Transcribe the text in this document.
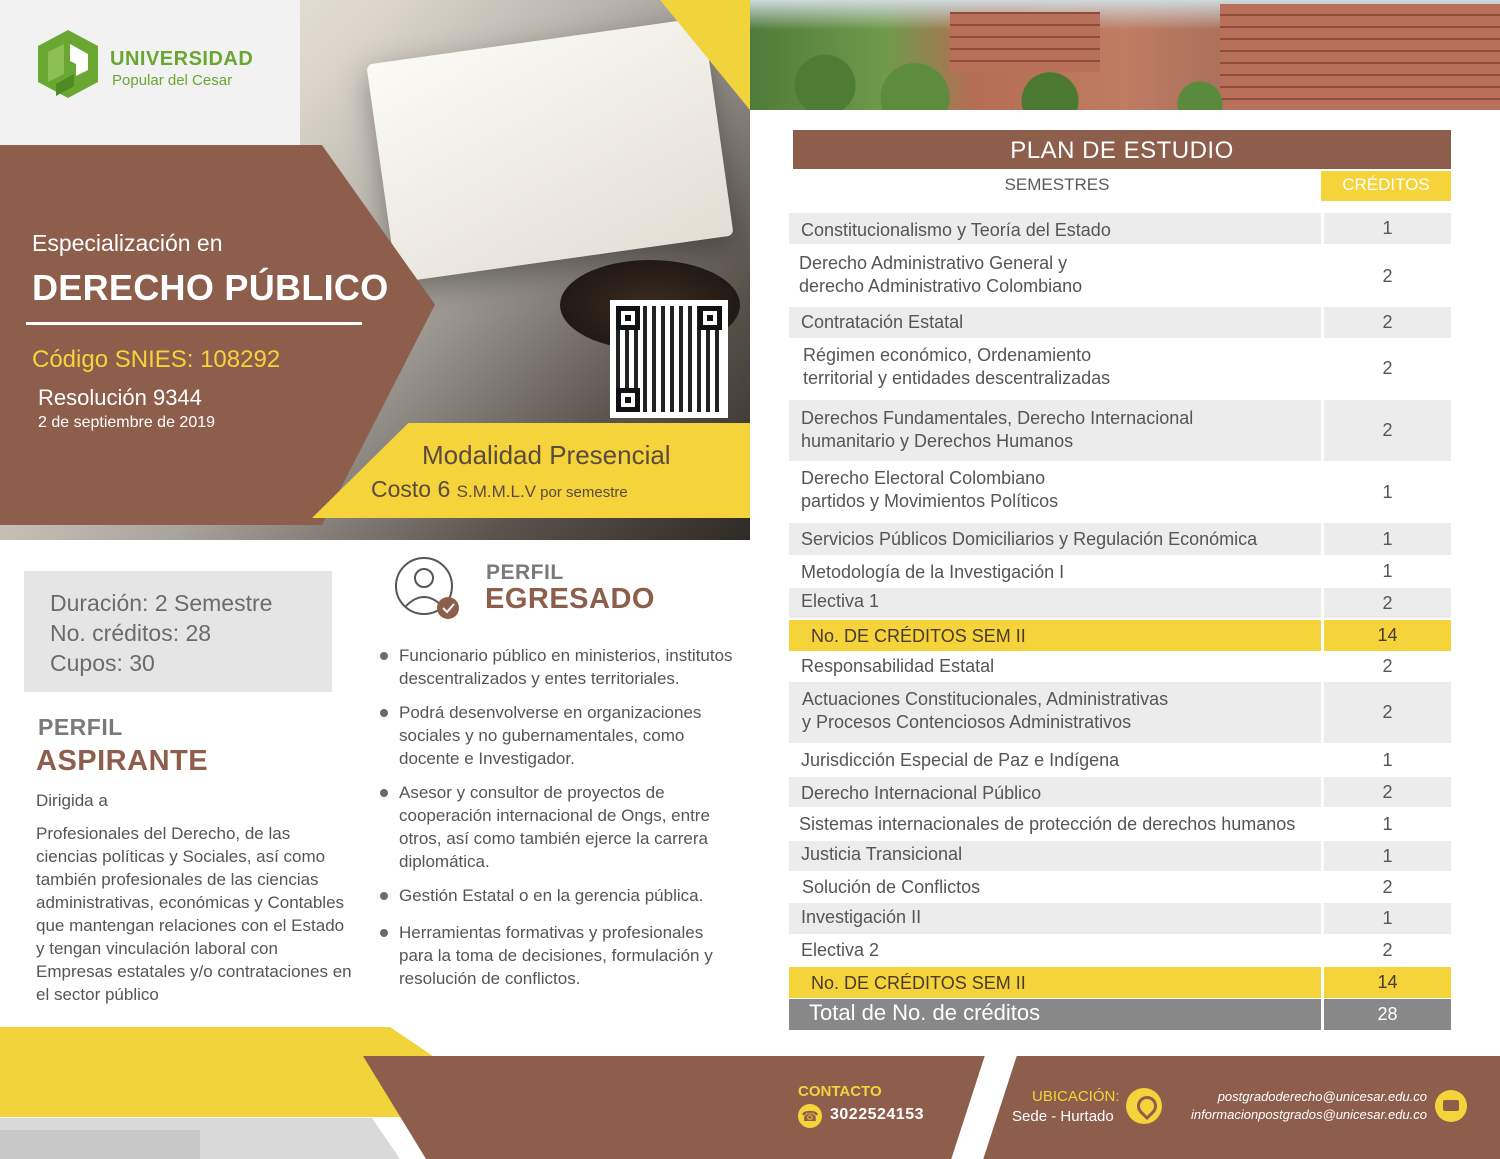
UNIVERSIDAD
Popular del Cesar
Especialización en
DERECHO PÚBLICO
Código SNIES: 108292
Resolución 9344
2 de septiembre de 2019
Modalidad Presencial
Costo 6 S.M.M.L.V por semestre
Duración: 2 Semestre
No. créditos: 28
Cupos: 30
PERFIL
ASPIRANTE
Dirigida a
Profesionales del Derecho, de las ciencias políticas y Sociales, así como también profesionales de las ciencias administrativas, económicas y Contables que mantengan relaciones con el Estado y tengan vinculación laboral con Empresas estatales y/o contrataciones en el sector público
PERFIL
EGRESADO
Funcionario público en ministerios, institutos descentralizados y entes territoriales.
Podrá desenvolverse en organizaciones sociales y no gubernamentales, como docente e Investigador.
Asesor y consultor de proyectos de cooperación internacional de Ongs, entre otros, así como también ejerce la carrera diplomática.
Gestión Estatal o en la gerencia pública.
Herramientas formativas y profesionales para la toma de decisiones, formulación y resolución de conflictos.
PLAN DE ESTUDIO
SEMESTRES	CRÉDITOS
Constitucionalismo y Teoría del Estado	1
Derecho Administrativo General y
derecho Administrativo Colombiano
2
Contratación Estatal	2
Régimen económico, Ordenamiento
territorial y entidades descentralizadas	2
Derechos Fundamentales, Derecho Internacional
humanitario y Derechos Humanos
2
Derecho Electoral Colombiano
partidos y Movimientos Políticos	1
Servicios Públicos Domiciliarios y Regulación Económica	1
Metodología de la Investigación I	1
Electiva 1	2
No. DE CRÉDITOS SEM II	14
Responsabilidad Estatal	2
Actuaciones Constitucionales, Administrativas
y Procesos Contenciosos Administrativos	2
Jurisdicción Especial de Paz e Indígena	1
Derecho Internacional Público	2
Sistemas internacionales de protección de derechos humanos	1
Justicia Transicional	1
Solución de Conflictos	2
Investigación II	1
Electiva 2	2
No. DE CRÉDITOS SEM II	14
Total de No. de créditos	28
CONTACTO
☎ 3022524153
UBICACIÓN:
Sede - Hurtado
postgradoderecho@unicesar.edu.co
informacionpostgrados@unicesar.edu.co
